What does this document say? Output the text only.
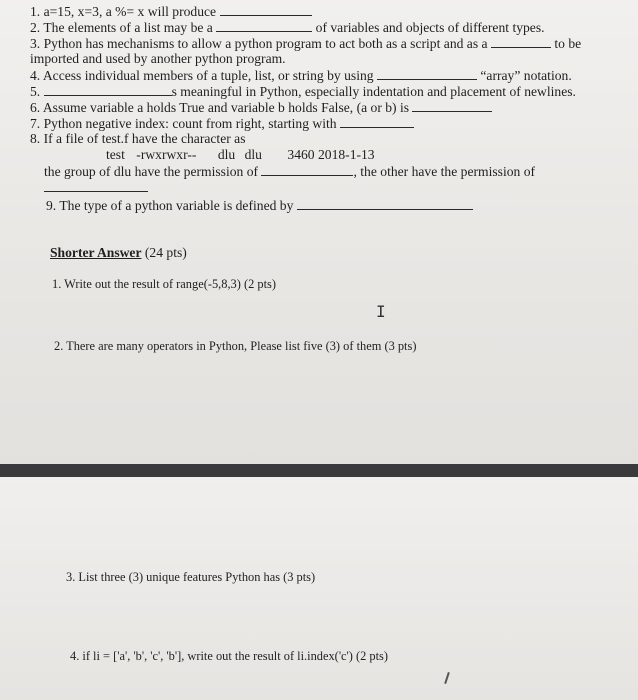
1. a=15, x=3, a %= x will produce
2. The elements of a list may be a	of variables and objects of different types.
3. Python has mechanisms to allow a python program to act both as a script and as a	to be
imported and used by another python program.
4. Access individual members of a tuple, list, or string by using	“array” notation.
5.	s meaningful in Python, especially indentation and placement of newlines.
6. Assume variable a holds True and variable b holds False, (a or b) is
7. Python negative index: count from right, starting with
8. If a file of test.f have the character as
test -rwxrwxr-- dlu dlu 3460 2018-1-13
the group of dlu have the permission of	, the other have the permission of
9. The type of a python variable is defined by
Shorter Answer (24 pts)
1. Write out the result of range(-5,8,3) (2 pts)
I
2. There are many operators in Python, Please list five (3) of them (3 pts)
3. List three (3) unique features Python has (3 pts)
4. if li = ['a', 'b', 'c', 'b'], write out the result of li.index('c') (2 pts)
